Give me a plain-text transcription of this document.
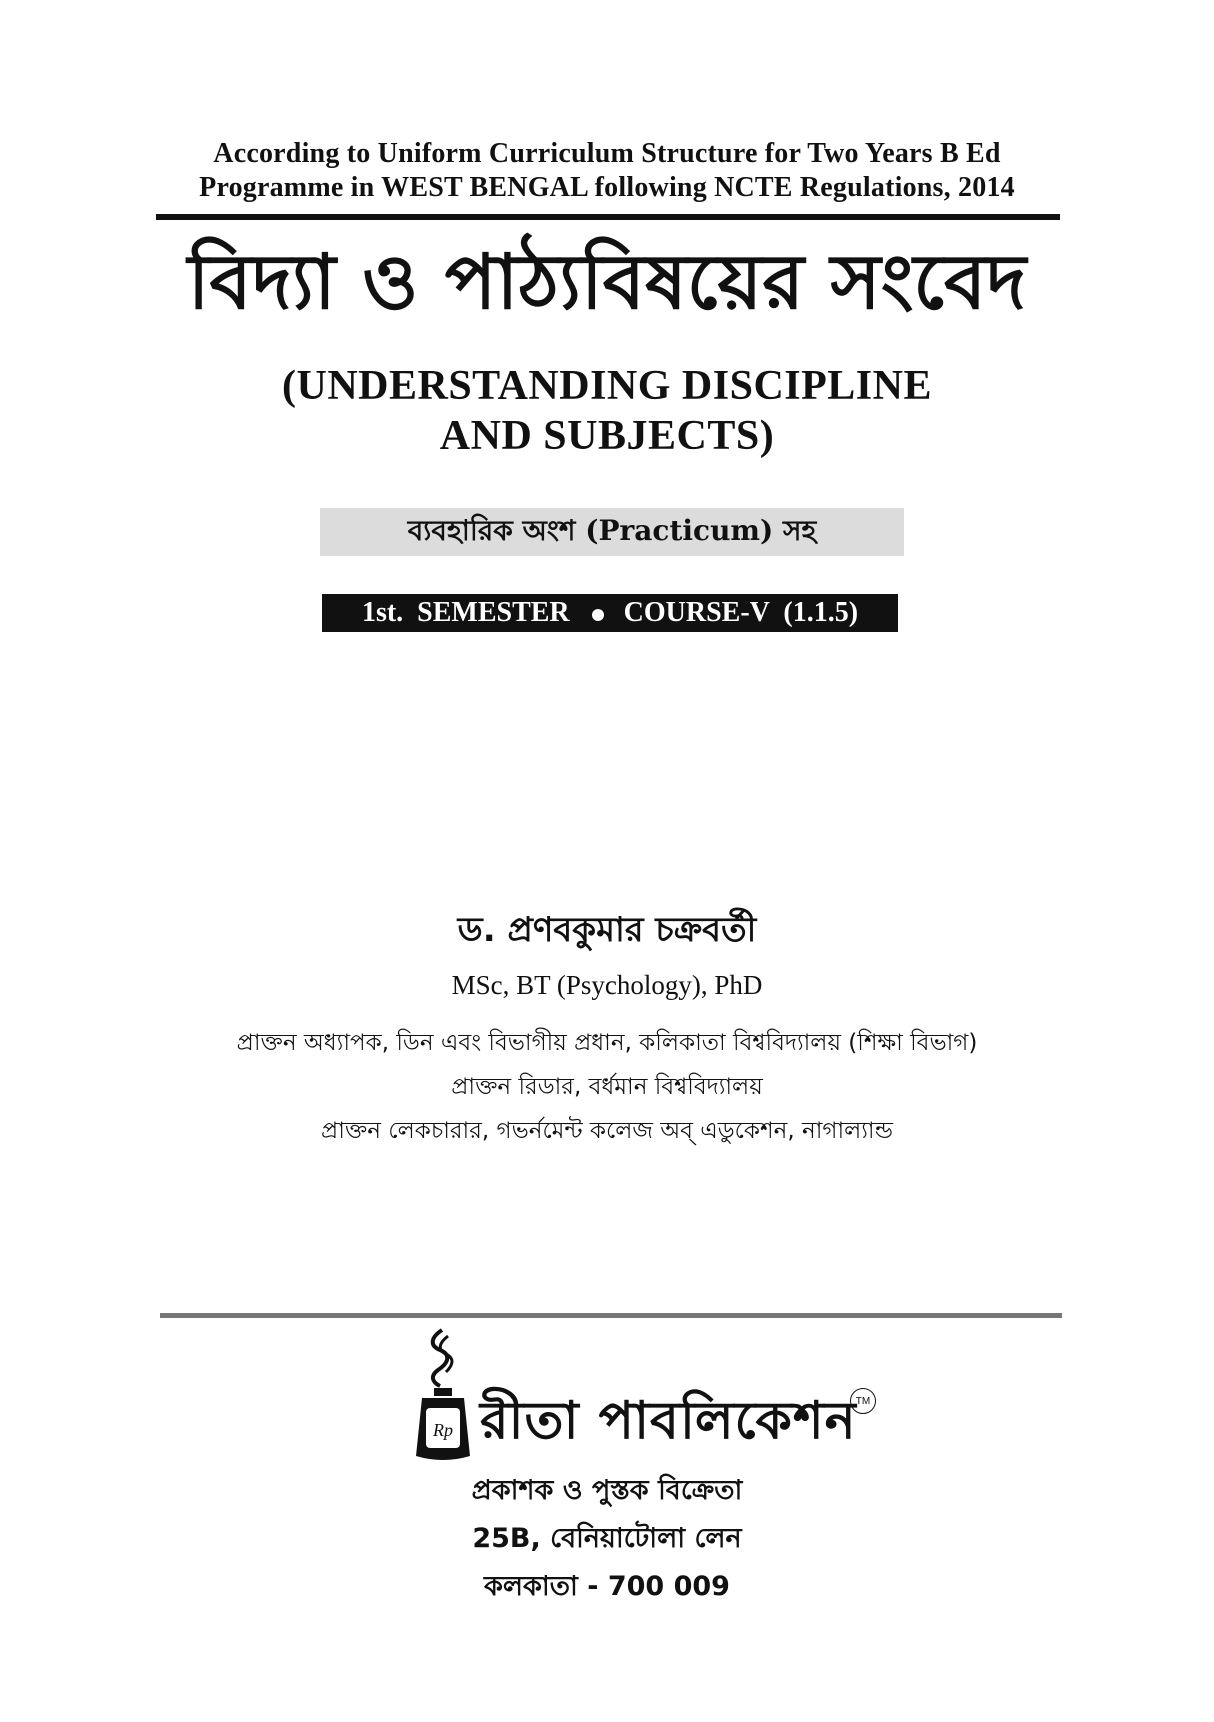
According to Uniform Curriculum Structure for Two Years B Ed
Programme in WEST BENGAL following NCTE Regulations, 2014
বিদ্যা ও পাঠ্যবিষয়ের সংবেদ
(UNDERSTANDING DISCIPLINE
AND SUBJECTS)
ব্যবহারিক অংশ (Practicum) সহ
1st.  SEMESTER COURSE-V  (1.1.5)
ড. প্রণবকুমার চক্রবর্তী
MSc, BT (Psychology), PhD
প্রাক্তন অধ্যাপক, ডিন এবং বিভাগীয় প্রধান, কলিকাতা বিশ্ববিদ্যালয় (শিক্ষা বিভাগ)
প্রাক্তন রিডার, বর্ধমান বিশ্ববিদ্যালয়
প্রাক্তন লেকচারার, গভর্নমেন্ট কলেজ অব্ এডুকেশন, নাগাল্যান্ড
Rp রীতা পাবলিকেশন TM
প্রকাশক ও পুস্তক বিক্রেতা
25B, বেনিয়াটোলা লেন
কলকাতা - 700 009
